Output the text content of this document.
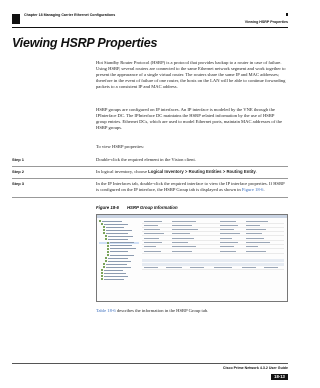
Chapter 18 Managing Carrier Ethernet Configurations
Viewing HSRP Properties
Viewing HSRP Properties

Hot Standby Router Protocol (HSRP) is a protocol that provides backup to a router in case of failure. Using HSRP, several routers are connected to the same Ethernet network segment and work together to present the appearance of a single virtual router. The routers share the same IP and MAC addresses; therefore in the event of failure of one router, the hosts on the LAN will be able to continue forwarding packets to a consistent IP and MAC address.

HSRP groups are configured on IP interfaces. An IP interface is modeled by the VNE through the IPInterface DC. The IPInterface DC maintains the HSRP related information by the use of HSRP group entries. Ethernet DCs, which are used to model Ethernet ports, maintain MAC addresses of the HSRP groups.

To view HSRP properties:

Step 1	Double-click the required element in the Vision client.
Step 2	In logical inventory, choose Logical Inventory > Routing Entities > Routing Entity.
Step 3	In the IP Interfaces tab, double-click the required interface to view the IP interface properties. If HSRP is configured on the IP interface, the HSRP Group tab is displayed as shown in Figure 18-6.
Figure 18-6 HSRP Group Information
Table 18-6 describes the information in the HSRP Group tab.
Cisco Prime Network 4.3.2 User Guide
18-13
